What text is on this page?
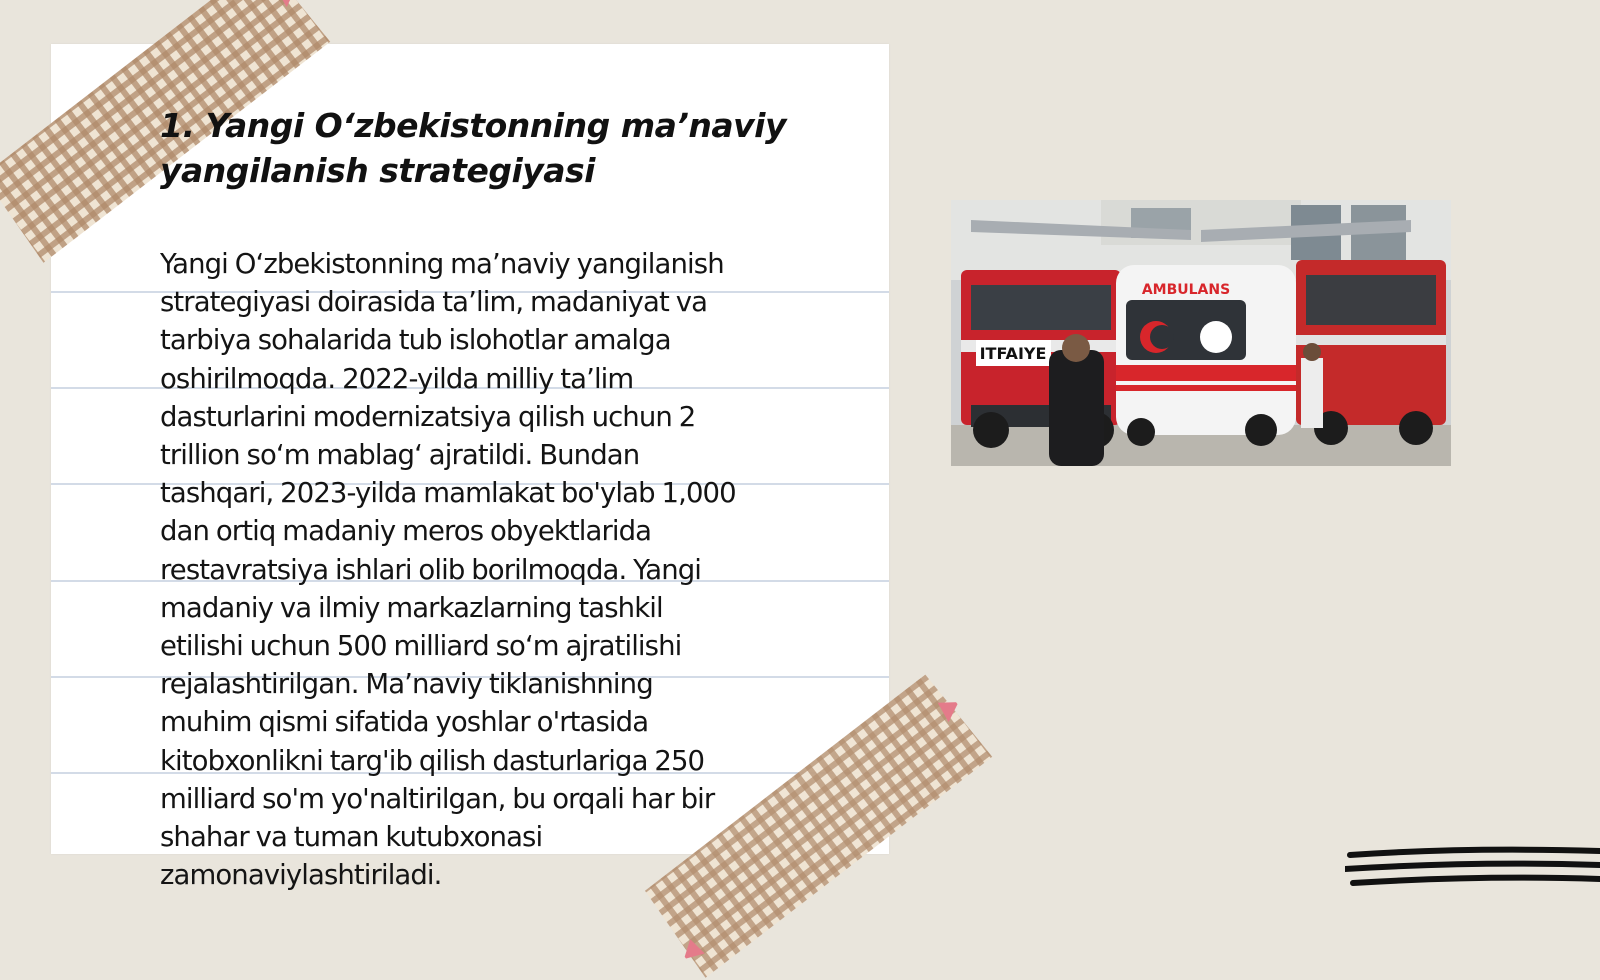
1. Yangi O‘zbekistonning ma’naviy
yangilanish strategiyasi

Yangi O‘zbekistonning ma’naviy yangilanish
strategiyasi doirasida ta’lim, madaniyat va
tarbiya sohalarida tub islohotlar amalga
oshirilmoqda. 2022-yilda milliy ta’lim
dasturlarini modernizatsiya qilish uchun 2
trillion so‘m mablag‘ ajratildi. Bundan
tashqari, 2023-yilda mamlakat bo'ylab 1,000
dan ortiq madaniy meros obyektlarida
restavratsiya ishlari olib borilmoqda. Yangi
madaniy va ilmiy markazlarning tashkil
etilishi uchun 500 milliard so‘m ajratilishi
rejalashtirilgan. Ma’naviy tiklanishning
muhim qismi sifatida yoshlar o'rtasida
kitobxonlikni targ'ib qilish dasturlariga 250
milliard so'm yo'naltirilgan, bu orqali har bir
shahar va tuman kutubxonasi
zamonaviylashtiriladi.

ITFAIYE
AMBULANS
